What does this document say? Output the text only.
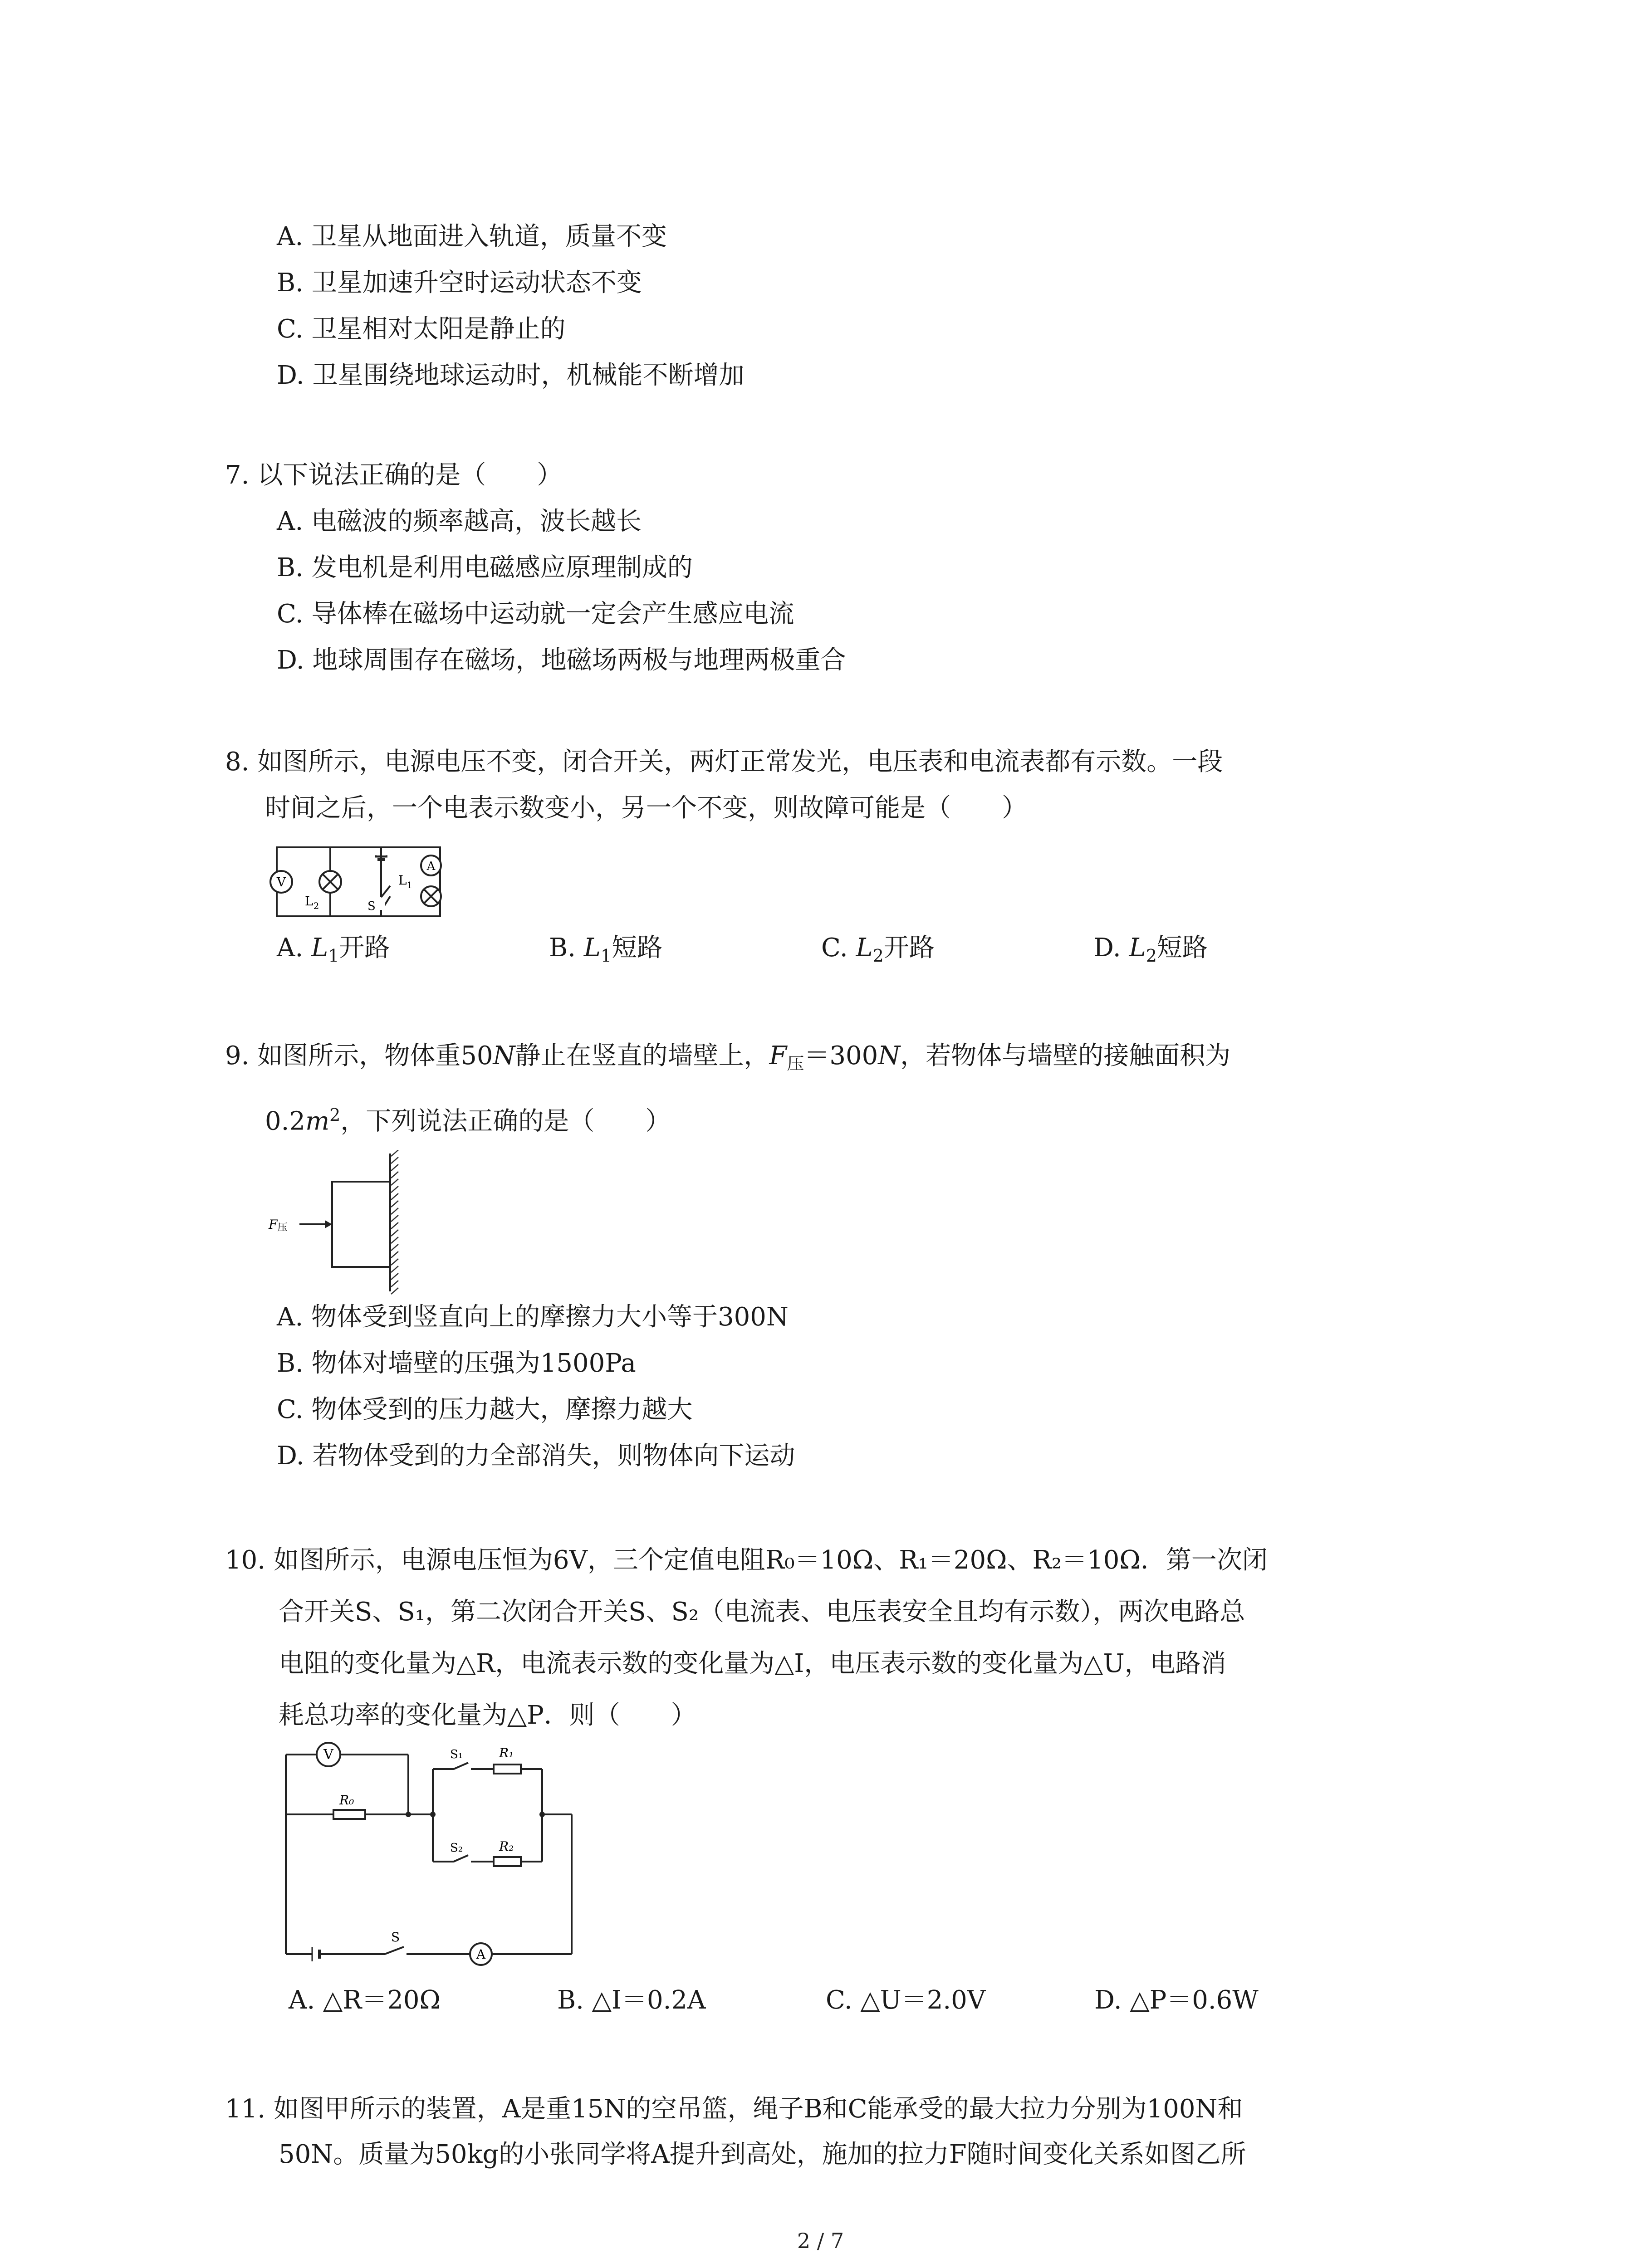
A. 卫星从地面进入轨道，质量不变
B. 卫星加速升空时运动状态不变
C. 卫星相对太阳是静止的
D. 卫星围绕地球运动时，机械能不断增加
7. 以下说法正确的是（　　）
A. 电磁波的频率越高，波长越长
B. 发电机是利用电磁感应原理制成的
C. 导体棒在磁场中运动就一定会产生感应电流
D. 地球周围存在磁场，地磁场两极与地理两极重合
8. 如图所示，电源电压不变，闭合开关，两灯正常发光，电压表和电流表都有示数。一段
时间之后，一个电表示数变小，另一个不变，则故障可能是（　　）
V
A
$L_2$
$L_1$
S
A. $L_1$开路	B. $L_1$短路	C. $L_2$开路	D. $L_2$短路
9. 如图所示，物体重50N静止在竖直的墙壁上，$F_压=300N$，若物体与墙壁的接触面积为
$0.2m^2$，下列说法正确的是（　　）
F压
A. 物体受到竖直向上的摩擦力大小等于300N
B. 物体对墙壁的压强为1500Pa
C. 物体受到的压力越大，摩擦力越大
D. 若物体受到的力全部消失，则物体向下运动
10. 如图所示，电源电压恒为6V，三个定值电阻R₀＝10Ω、R₁＝20Ω、R₂＝10Ω．第一次闭
合开关S、S₁，第二次闭合开关S、S₂（电流表、电压表安全且均有示数），两次电路总
电阻的变化量为△R，电流表示数的变化量为△I，电压表示数的变化量为△U，电路消
耗总功率的变化量为△P．则（　　）
V
A
S
S₁	R₁
R₀
S₂	R₂
A. △R＝20Ω	B. △I＝0.2A	C. △U＝2.0V	D. △P＝0.6W
11. 如图甲所示的装置，A是重15N的空吊篮，绳子B和C能承受的最大拉力分别为100N和
50N。质量为50kg的小张同学将A提升到高处，施加的拉力F随时间变化关系如图乙所
2 / 7
